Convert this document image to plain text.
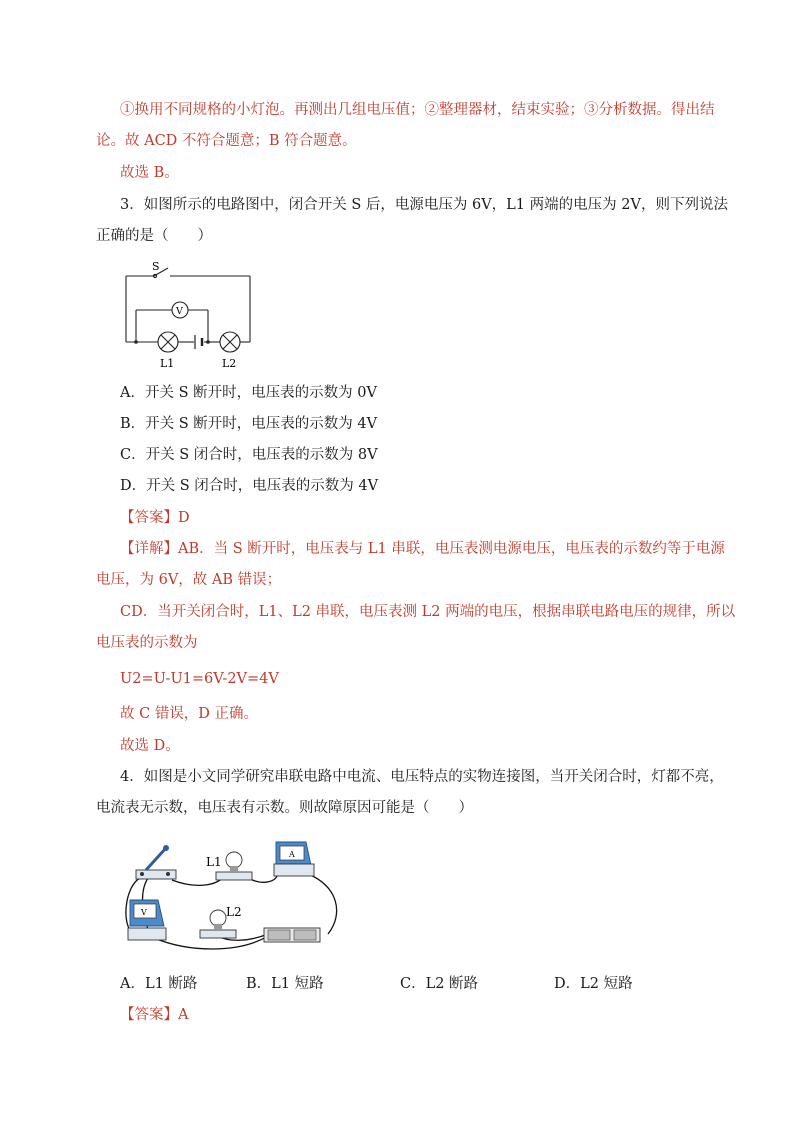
①换用不同规格的小灯泡。再测出几组电压值；②整理器材，结束实验；③分析数据。得出结
论。故 ACD 不符合题意；B 符合题意。
故选 B。
3．如图所示的电路图中，闭合开关 S 后，电源电压为 6V，L1 两端的电压为 2V，则下列说法
正确的是（　　）
S
V
L1	L2
A．开关 S 断开时，电压表的示数为 0V
B．开关 S 断开时，电压表的示数为 4V
C．开关 S 闭合时，电压表的示数为 8V
D．开关 S 闭合时，电压表的示数为 4V
【答案】D
【详解】AB．当 S 断开时，电压表与 L1 串联，电压表测电源电压，电压表的示数约等于电源
电压，为 6V，故 AB 错误；
CD．当开关闭合时，L1、L2 串联，电压表测 L2 两端的电压，根据串联电路电压的规律，所以
电压表的示数为
U2=U-U1=6V-2V=4V
故 C 错误，D 正确。
故选 D。
4．如图是小文同学研究串联电路中电流、电压特点的实物连接图，当开关闭合时，灯都不亮，
电流表无示数，电压表有示数。则故障原因可能是（　　）
L1
A
V	L2
A．L1 断路	B．L1 短路	C．L2 断路	D．L2 短路
【答案】A
